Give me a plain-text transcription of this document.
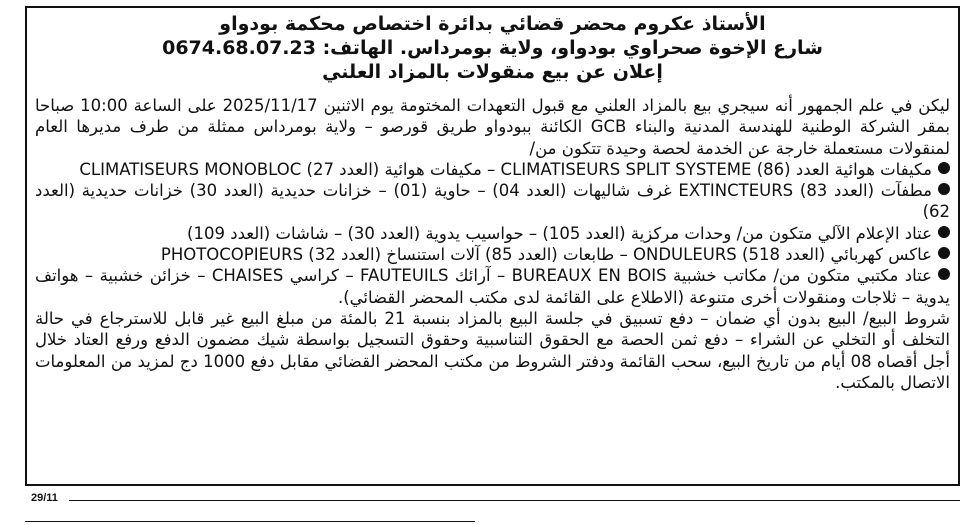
الأستاذ عكروم محضر قضائي بدائرة اختصاص محكمة بودواو
شارع الإخوة صحراوي بودواو، ولاية بومرداس. الهاتف: 0674.68.07.23
إعلان عن بيع منقولات بالمزاد العلني

ليكن في علم الجمهور أنه سيجري بيع بالمزاد العلني مع قبول التعهدات المختومة يوم الاثنين 2025/11/17 على الساعة 10:00 صباحا بمقر الشركة الوطنية للهندسة المدنية والبناء GCB الكائنة ببودواو طريق قورصو – ولاية بومرداس ممثلة من طرف مديرها العام لمنقولات مستعملة خارجة عن الخدمة لحصة وحيدة تتكون من/

مكيفات هوائية العدد (86) CLIMATISEURS SPLIT SYSTEME – مكيفات هوائية (العدد 27) CLIMATISEURS MONOBLOC

مطفآت (العدد 83) EXTINCTEURS غرف شاليهات (العدد 04) – حاوية (01) – خزانات حديدية (العدد 30) خزانات حديدية (العدد 62)

عتاد الإعلام الآلي متكون من/ وحدات مركزية (العدد 105) – حواسيب يدوية (العدد 30) – شاشات (العدد 109)

عاكس كهربائي (العدد 518) ONDULEURS – طابعات (العدد 85) آلات استنساخ (العدد 32) PHOTOCOPIEURS

عتاد مكتبي متكون من/ مكاتب خشبية BUREAUX EN BOIS – آرائك FAUTEUILS – كراسي CHAISES – خزائن خشبية – هواتف يدوية – ثلاجات ومنقولات أخرى متنوعة (الاطلاع على القائمة لدى مكتب المحضر القضائي).

شروط البيع/ البيع بدون أي ضمان – دفع تسبيق في جلسة البيع بالمزاد بنسبة 21 بالمئة من مبلغ البيع غير قابل للاسترجاع في حالة التخلف أو التخلي عن الشراء – دفع ثمن الحصة مع الحقوق التناسبية وحقوق التسجيل بواسطة شيك مضمون الدفع ورفع العتاد خلال أجل أقصاه 08 أيام من تاريخ البيع، سحب القائمة ودفتر الشروط من مكتب المحضر القضائي مقابل دفع 1000 دج لمزيد من المعلومات الاتصال بالمكتب.

29/11
